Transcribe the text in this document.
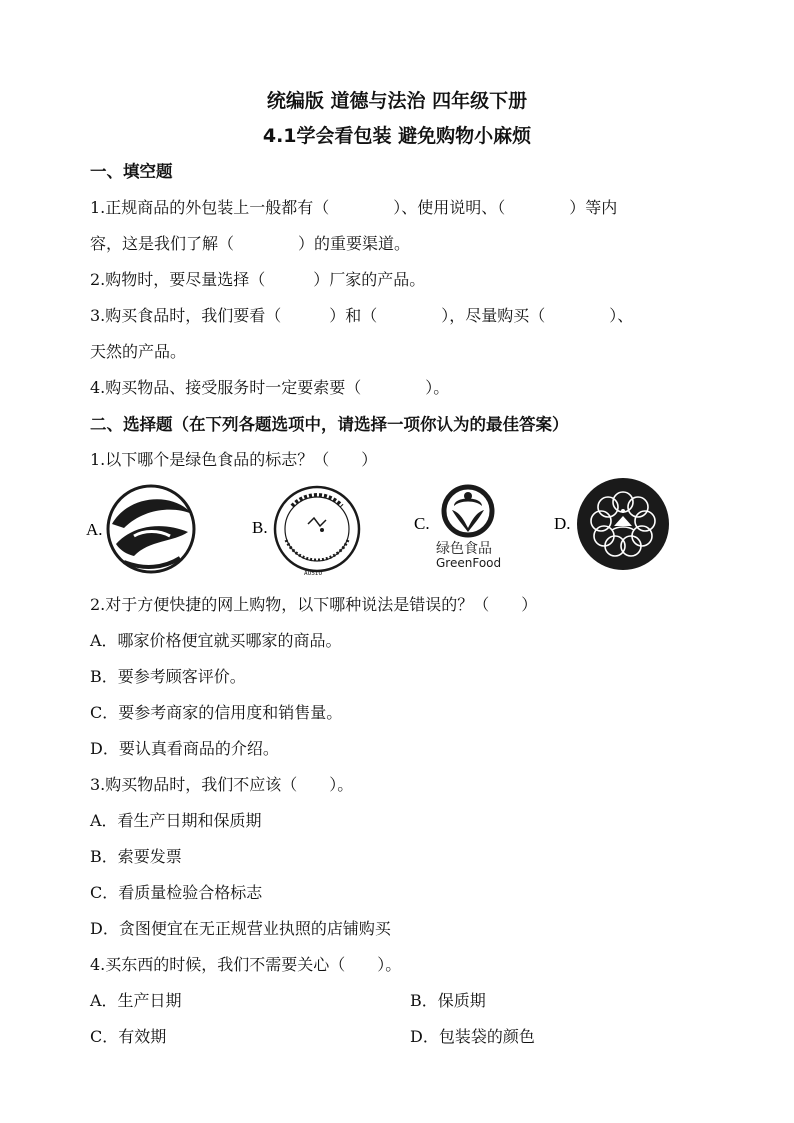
统编版 道德与法治 四年级下册
4.1学会看包装 避免购物小麻烦
一、填空题
1.正规商品的外包装上一般都有（　　　　）、使用说明、（　　　　）等内
容，这是我们了解（　　　　）的重要渠道。
2.购物时，要尽量选择（　　　）厂家的产品。
3.购买食品时，我们要看（　　　）和（　　　　），尽量购买（　　　　）、
天然的产品。
4.购买物品、接受服务时一定要索要（　　　　）。
二、选择题（在下列各题选项中，请选择一项你认为的最佳答案）
1.以下哪个是绿色食品的标志？（　　）
A.	B.
AOSIO
C.
绿色食品
GreenFood
D.
2.对于方便快捷的网上购物，以下哪种说法是错误的？（　　）
A．哪家价格便宜就买哪家的商品。
B．要参考顾客评价。
C．要参考商家的信用度和销售量。
D．要认真看商品的介绍。
3.购买物品时，我们不应该（　　）。
A．看生产日期和保质期
B．索要发票
C．看质量检验合格标志
D．贪图便宜在无正规营业执照的店铺购买
4.买东西的时候，我们不需要关心（　　）。
A．生产日期	B．保质期
C．有效期	D．包装袋的颜色
